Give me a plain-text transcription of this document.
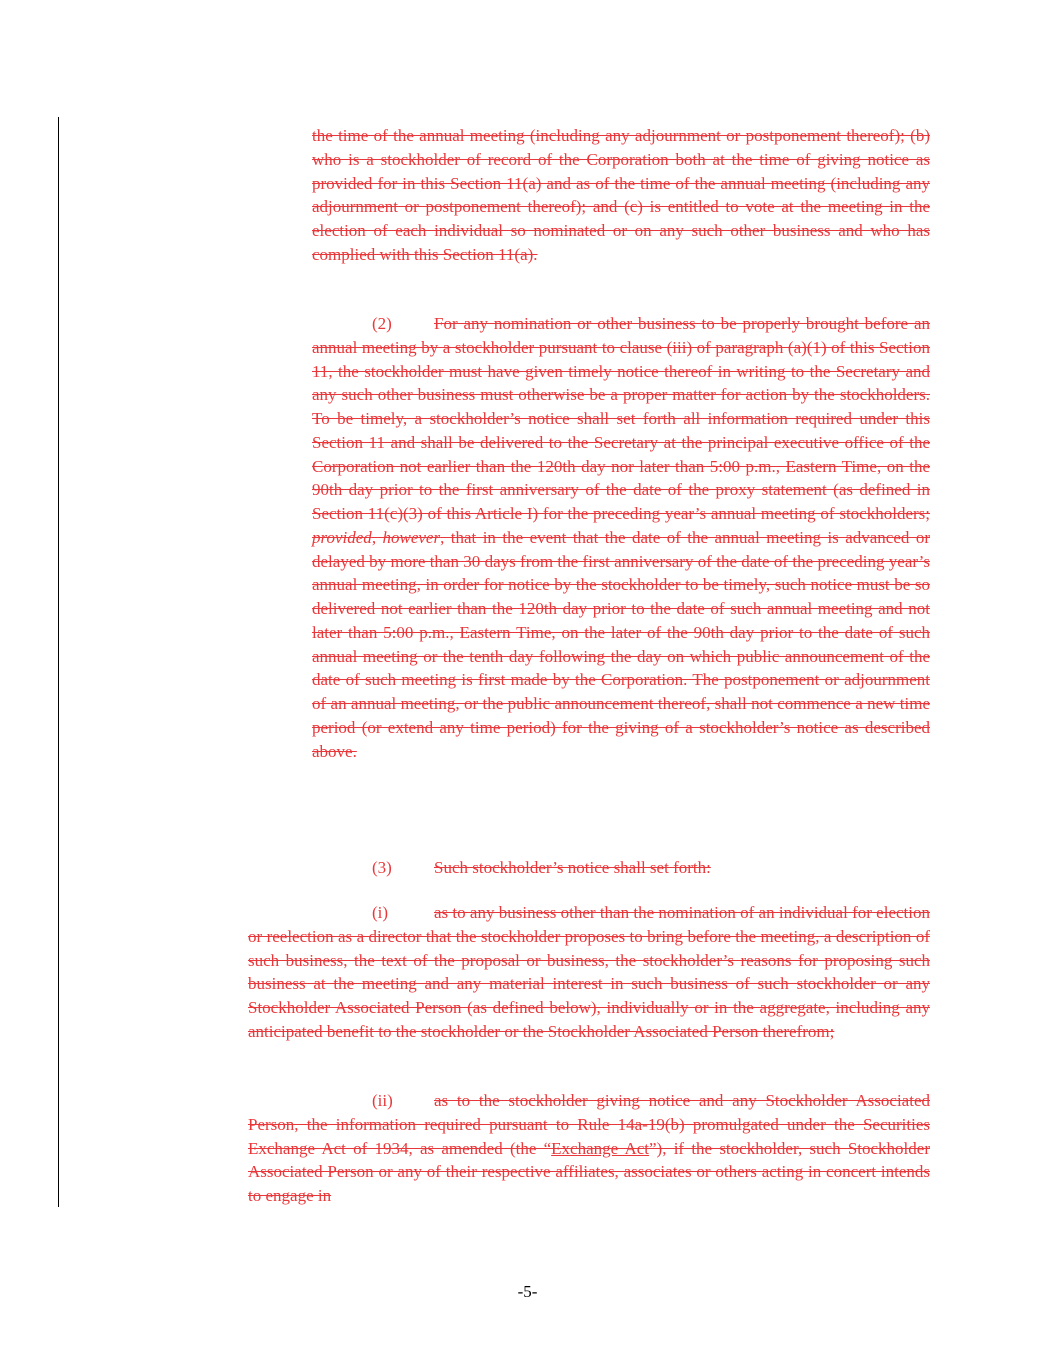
the time of the annual meeting (including any adjournment or postponement thereof); (b) who is a stockholder of record of the Corporation both at the time of giving notice as provided for in this Section 11(a) and as of the time of the annual meeting (including any adjournment or postponement thereof); and (c) is entitled to vote at the meeting in the election of each individual so nominated or on any such other business and who has complied with this Section 11(a).

(2) For any nomination or other business to be properly brought before an annual meeting by a stockholder pursuant to clause (iii) of paragraph (a)(1) of this Section 11, the stockholder must have given timely notice thereof in writing to the Secretary and any such other business must otherwise be a proper matter for action by the stockholders. To be timely, a stockholder’s notice shall set forth all information required under this Section 11 and shall be delivered to the Secretary at the principal executive office of the Corporation not earlier than the 120th day nor later than 5:00 p.m., Eastern Time, on the 90th day prior to the first anniversary of the date of the proxy statement (as defined in Section 11(c)(3) of this Article I) for the preceding year’s annual meeting of stockholders; provided, however, that in the event that the date of the annual meeting is advanced or delayed by more than 30 days from the first anniversary of the date of the preceding year’s annual meeting, in order for notice by the stockholder to be timely, such notice must be so delivered not earlier than the 120th day prior to the date of such annual meeting and not later than 5:00 p.m., Eastern Time, on the later of the 90th day prior to the date of such annual meeting or the tenth day following the day on which public announcement of the date of such meeting is first made by the Corporation. The postponement or adjournment of an annual meeting, or the public announcement thereof, shall not commence a new time period (or extend any time period) for the giving of a stockholder’s notice as described above.

(3) Such stockholder’s notice shall set forth:

(i)	as to any business other than the nomination of an individual for election or reelection as a director that the stockholder proposes to bring before the meeting, a description of such business, the text of the proposal or business, the stockholder’s reasons for proposing such business at the meeting and any material interest in such business of such stockholder or any Stockholder Associated Person (as defined below), individually or in the aggregate, including any anticipated benefit to the stockholder or the Stockholder Associated Person therefrom;

(ii) as to the stockholder giving notice and any Stockholder Associated Person, the information required pursuant to Rule 14a-19(b) promulgated under the Securities Exchange Act of 1934, as amended (the “Exchange Act”), if the stockholder, such Stockholder Associated Person or any of their respective affiliates, associates or others acting in concert intends to engage in

-5-
